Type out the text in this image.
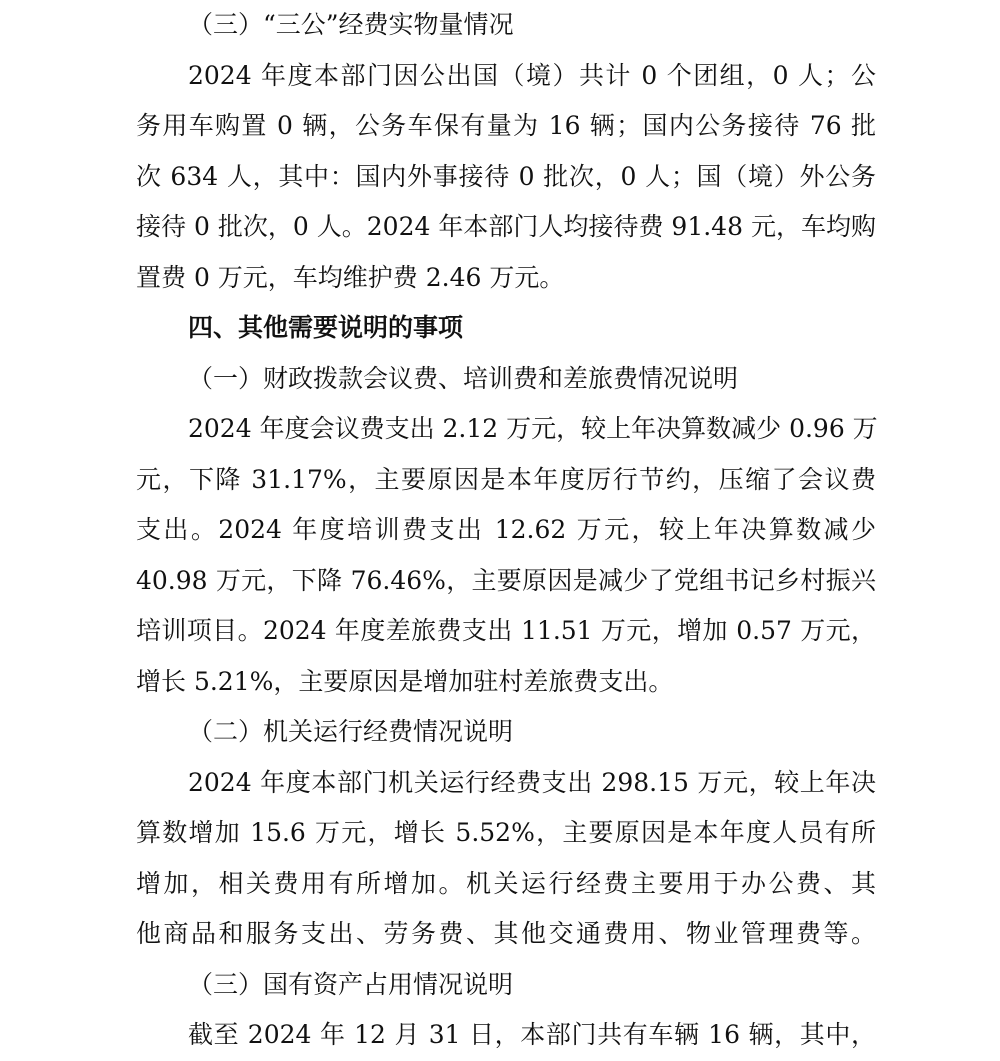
（三）“三公”经费实物量情况
2024 年度本部门因公出国（境）共计 0 个团组，0 人；公
务用车购置 0 辆，公务车保有量为 16 辆；国内公务接待 76 批
次 634 人，其中：国内外事接待 0 批次，0 人；国（境）外公务
接待 0 批次，0 人。2024 年本部门人均接待费 91.48 元，车均购
置费 0 万元，车均维护费 2.46 万元。
四、其他需要说明的事项
（一）财政拨款会议费、培训费和差旅费情况说明
2024 年度会议费支出 2.12 万元，较上年决算数减少 0.96 万
元，下降 31.17%，主要原因是本年度厉行节约，压缩了会议费
支出。2024 年度培训费支出 12.62 万元，较上年决算数减少
40.98 万元，下降 76.46%，主要原因是减少了党组书记乡村振兴
培训项目。2024 年度差旅费支出 11.51 万元，增加 0.57 万元，
增长 5.21%，主要原因是增加驻村差旅费支出。
（二）机关运行经费情况说明
2024 年度本部门机关运行经费支出 298.15 万元，较上年决
算数增加 15.6 万元，增长 5.52%，主要原因是本年度人员有所
增加，相关费用有所增加。机关运行经费主要用于办公费、其
他商品和服务支出、劳务费、其他交通费用、物业管理费等。
（三）国有资产占用情况说明
截至 2024 年 12 月 31 日，本部门共有车辆 16 辆，其中，
